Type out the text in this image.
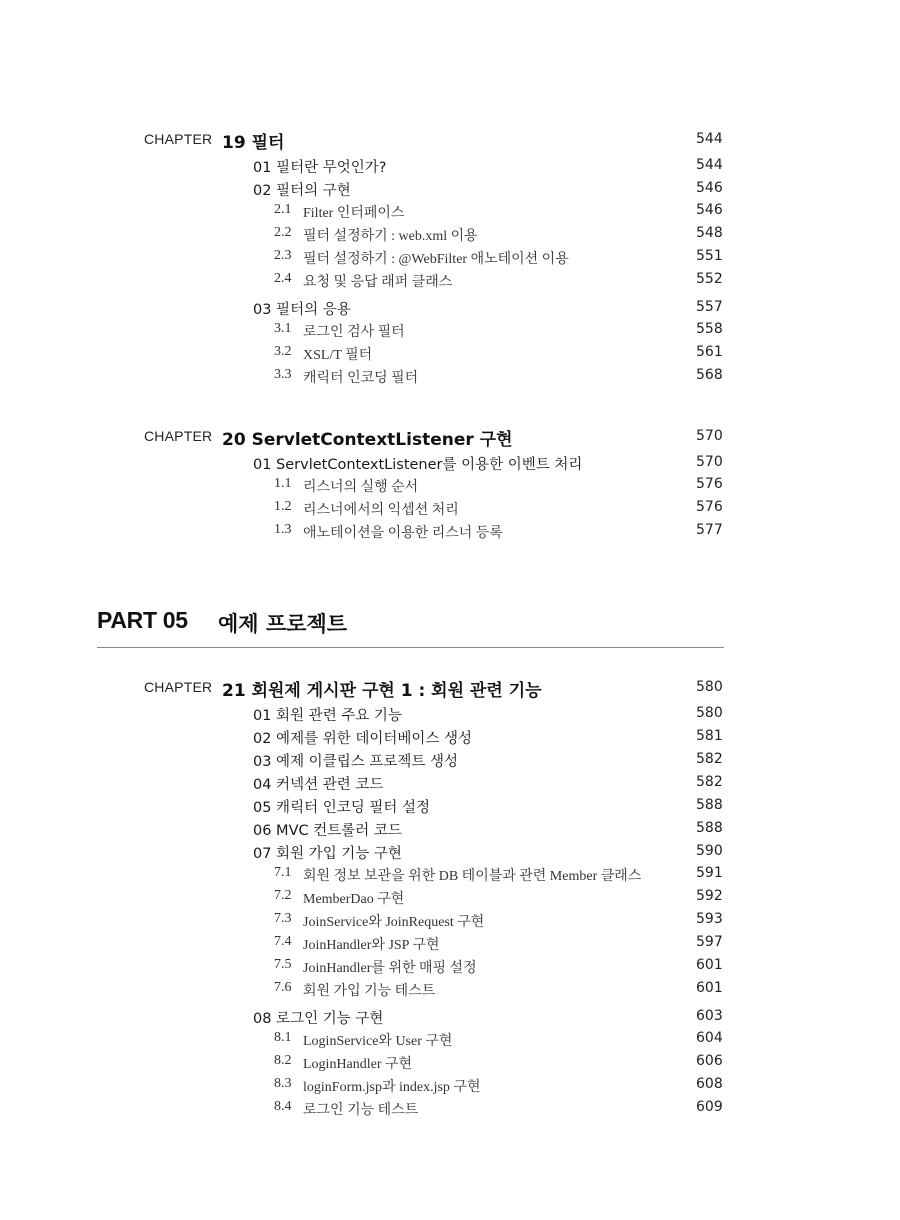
PART 05 예제 프로젝트
CHAPTER 19 필터	544
01 필터란 무엇인가?	544
02 필터의 구현	546
2.1 Filter 인터페이스	546
2.2 필터 설정하기 : web.xml 이용	548
2.3 필터 설정하기 : @WebFilter 애노테이션 이용	551
2.4 요청 및 응답 래퍼 클래스	552
03 필터의 응용	557
3.1 로그인 검사 필터	558
3.2 XSL/T 필터	561
3.3 캐릭터 인코딩 필터	568
CHAPTER 20 ServletContextListener 구현	570
01 ServletContextListener를 이용한 이벤트 처리	570
1.1 리스너의 실행 순서	576
1.2 리스너에서의 익셉션 처리	576
1.3 애노테이션을 이용한 리스너 등록	577
CHAPTER 21 회원제 게시판 구현 1 : 회원 관련 기능	580
01 회원 관련 주요 기능	580
02 예제를 위한 데이터베이스 생성	581
03 예제 이클립스 프로젝트 생성	582
04 커넥션 관련 코드	582
05 캐릭터 인코딩 필터 설정	588
06 MVC 컨트롤러 코드	588
07 회원 가입 기능 구현	590
7.1 회원 정보 보관을 위한 DB 테이블과 관련 Member 클래스	591
7.2 MemberDao 구현	592
7.3 JoinService와 JoinRequest 구현	593
7.4 JoinHandler와 JSP 구현	597
7.5 JoinHandler를 위한 매핑 설정	601
7.6 회원 가입 기능 테스트	601
08 로그인 기능 구현	603
8.1 LoginService와 User 구현	604
8.2 LoginHandler 구현	606
8.3 loginForm.jsp과 index.jsp 구현	608
8.4 로그인 기능 테스트	609
